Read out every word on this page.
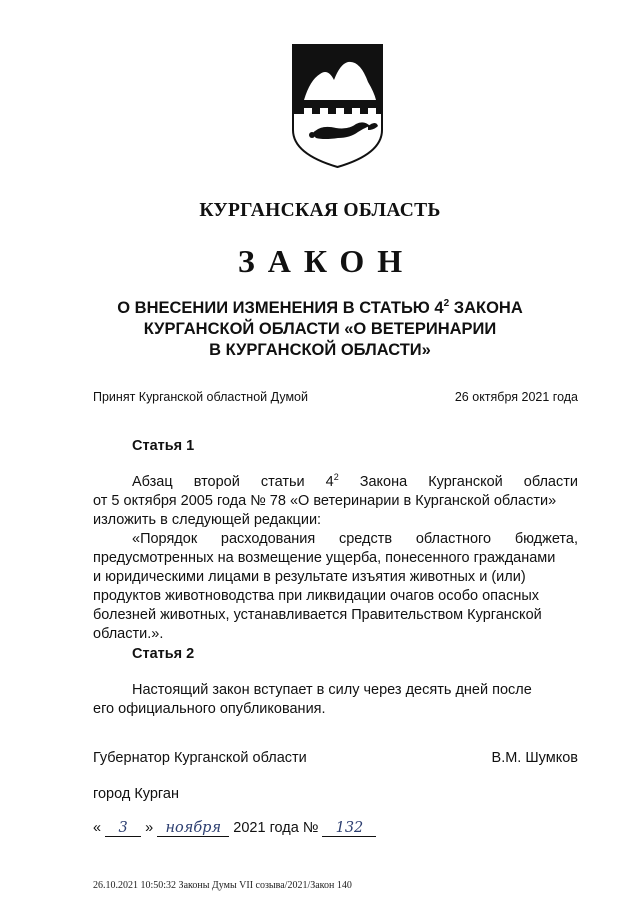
КУРГАНСКАЯ ОБЛАСТЬ
ЗАКОН
О ВНЕСЕНИИ ИЗМЕНЕНИЯ В СТАТЬЮ $4^2$ ЗАКОНА
КУРГАНСКОЙ ОБЛАСТИ «О ВЕТЕРИНАРИИ
В КУРГАНСКОЙ ОБЛАСТИ»
Принят Курганской областной Думой	26 октября 2021 года
Статья 1
Абзац второй статьи $4^2$ Закона Курганской области
от 5 октября 2005 года № 78 «О ветеринарии в Курганской области»
изложить в следующей редакции:
«Порядок расходования средств областного бюджета,
предусмотренных на возмещение ущерба, понесенного гражданами
и юридическими лицами в результате изъятия животных и (или)
продуктов животноводства при ликвидации очагов особо опасных
болезней животных, устанавливается Правительством Курганской
области.».
Статья 2
Настоящий закон вступает в силу через десять дней после
его официального опубликования.
Губернатор Курганской области	В.М. Шумков
город Курган
« 3 » ноября 2021 года № 132
26.10.2021 10:50:32 Законы Думы VII созыва/2021/Закон 140
